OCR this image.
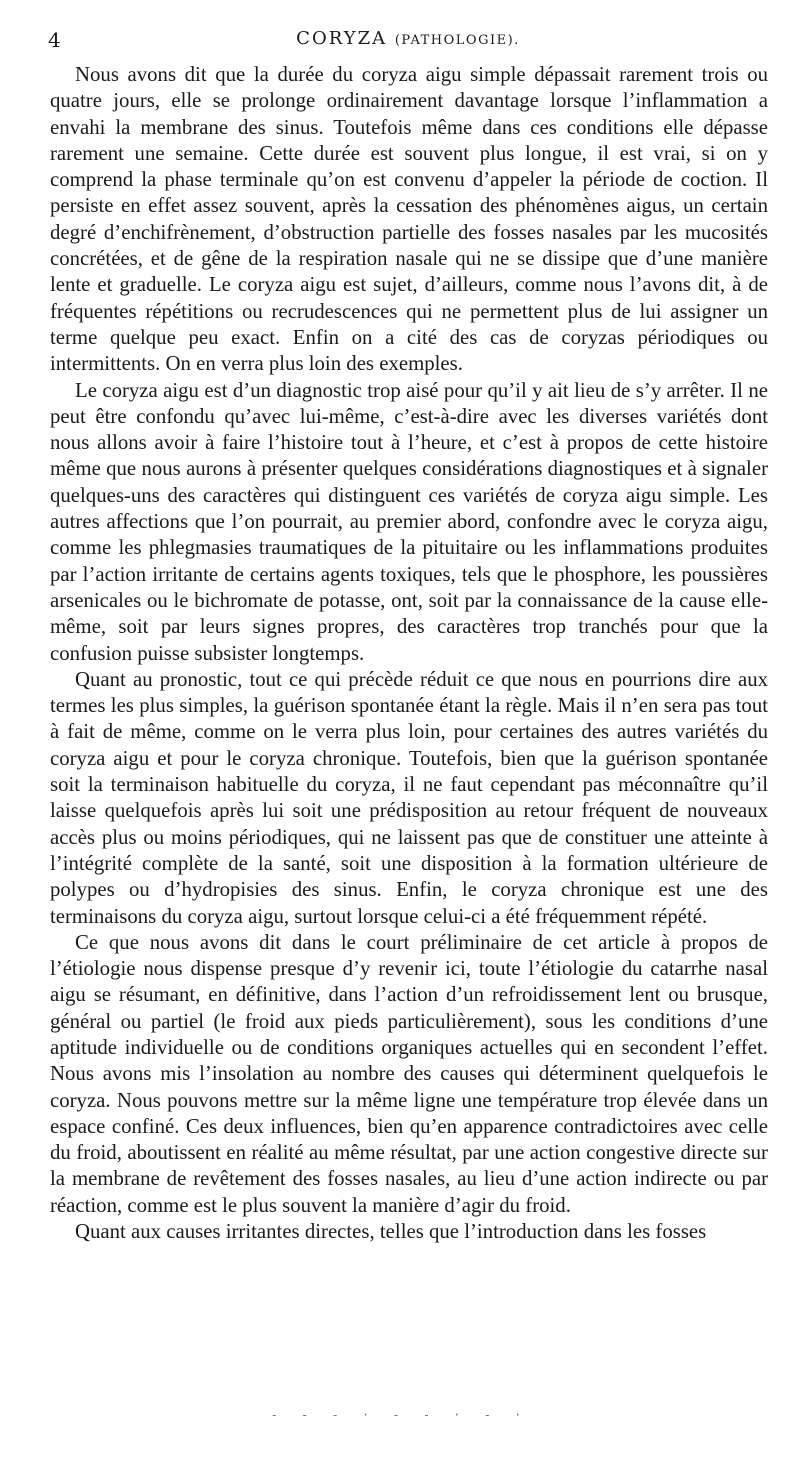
4	CORYZA (PATHOLOGIE).

Nous avons dit que la durée du coryza aigu simple dépassait rarement trois ou quatre jours, elle se prolonge ordinairement davantage lorsque l’inflammation a envahi la membrane des sinus. Toutefois même dans ces conditions elle dépasse rarement une semaine. Cette durée est souvent plus longue, il est vrai, si on y comprend la phase terminale qu’on est convenu d’appeler la période de coction. Il persiste en effet assez souvent, après la cessation des phénomènes aigus, un certain degré d’enchifrènement, d’obstruction partielle des fosses nasales par les mucosités concrétées, et de gêne de la respiration nasale qui ne se dissipe que d’une manière lente et graduelle. Le coryza aigu est sujet, d’ailleurs, comme nous l’avons dit, à de fréquentes répétitions ou recrudescences qui ne permettent plus de lui assigner un terme quelque peu exact. Enfin on a cité des cas de coryzas périodiques ou intermittents. On en verra plus loin des exemples.

Le coryza aigu est d’un diagnostic trop aisé pour qu’il y ait lieu de s’y arrêter. Il ne peut être confondu qu’avec lui-même, c’est-à-dire avec les diverses variétés dont nous allons avoir à faire l’histoire tout à l’heure, et c’est à propos de cette histoire même que nous aurons à présenter quelques considérations diagnostiques et à signaler quelques-uns des caractères qui distinguent ces variétés de coryza aigu simple. Les autres affections que l’on pourrait, au premier abord, confondre avec le coryza aigu, comme les phlegmasies traumatiques de la pituitaire ou les inflammations produites par l’action irritante de certains agents toxiques, tels que le phosphore, les poussières arsenicales ou le bichromate de potasse, ont, soit par la connaissance de la cause elle-même, soit par leurs signes propres, des caractères trop tranchés pour que la confusion puisse subsister longtemps.

Quant au pronostic, tout ce qui précède réduit ce que nous en pourrions dire aux termes les plus simples, la guérison spontanée étant la règle. Mais il n’en sera pas tout à fait de même, comme on le verra plus loin, pour certaines des autres variétés du coryza aigu et pour le coryza chronique. Toutefois, bien que la guérison spontanée soit la terminaison habituelle du coryza, il ne faut cependant pas méconnaître qu’il laisse quelquefois après lui soit une prédisposition au retour fréquent de nouveaux accès plus ou moins périodiques, qui ne laissent pas que de constituer une atteinte à l’intégrité complète de la santé, soit une disposition à la formation ultérieure de polypes ou d’hydropisies des sinus. Enfin, le coryza chronique est une des terminaisons du coryza aigu, surtout lorsque celui-ci a été fréquemment répété.

Ce que nous avons dit dans le court préliminaire de cet article à propos de l’étiologie nous dispense presque d’y revenir ici, toute l’étiologie du catarrhe nasal aigu se résumant, en définitive, dans l’action d’un refroidissement lent ou brusque, général ou partiel (le froid aux pieds particulièrement), sous les conditions d’une aptitude individuelle ou de conditions organiques actuelles qui en secondent l’effet. Nous avons mis l’insolation au nombre des causes qui déterminent quelquefois le coryza. Nous pouvons mettre sur la même ligne une température trop élevée dans un espace confiné. Ces deux influences, bien qu’en apparence contradictoires avec celle du froid, aboutissent en réalité au même résultat, par une action congestive directe sur la membrane de revêtement des fosses nasales, au lieu d’une action indirecte ou par réaction, comme est le plus souvent la manière d’agir du froid.

Quant aux causes irritantes directes, telles que l’introduction dans les fosses

‐ ‐ ‐ · ‐ ‐ · ‐ ·
